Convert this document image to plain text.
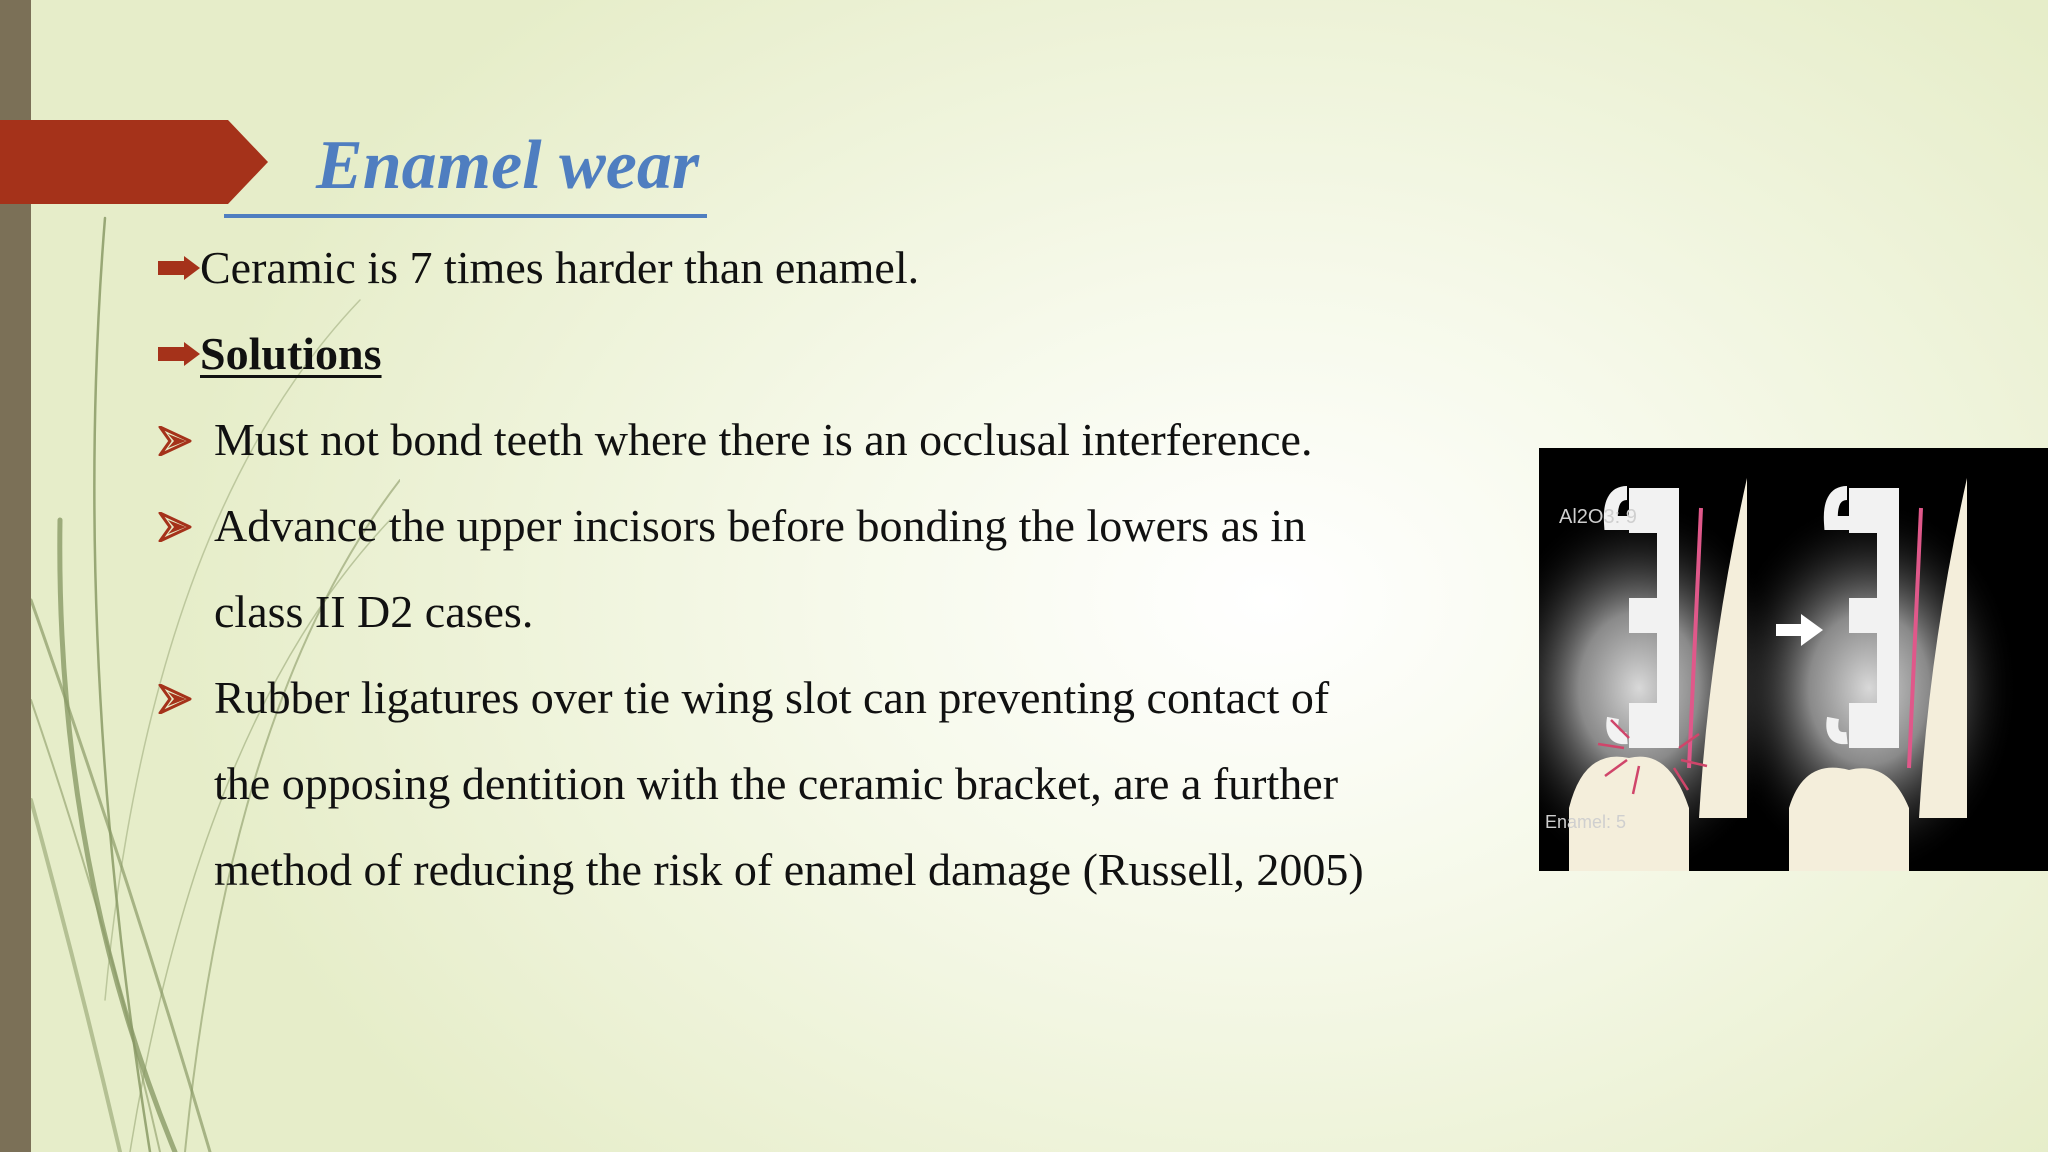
Enamel wear
Ceramic is 7 times harder than enamel.
Solutions
Must not bond teeth where there is an occlusal interference.
Advance the upper incisors before bonding the lowers as in
class II D2 cases.
Rubber ligatures over tie wing slot can preventing contact of
the opposing dentition with the ceramic bracket, are a further
method of reducing the risk of enamel damage (Russell, 2005)
Al2O3: 9
Enamel: 5
